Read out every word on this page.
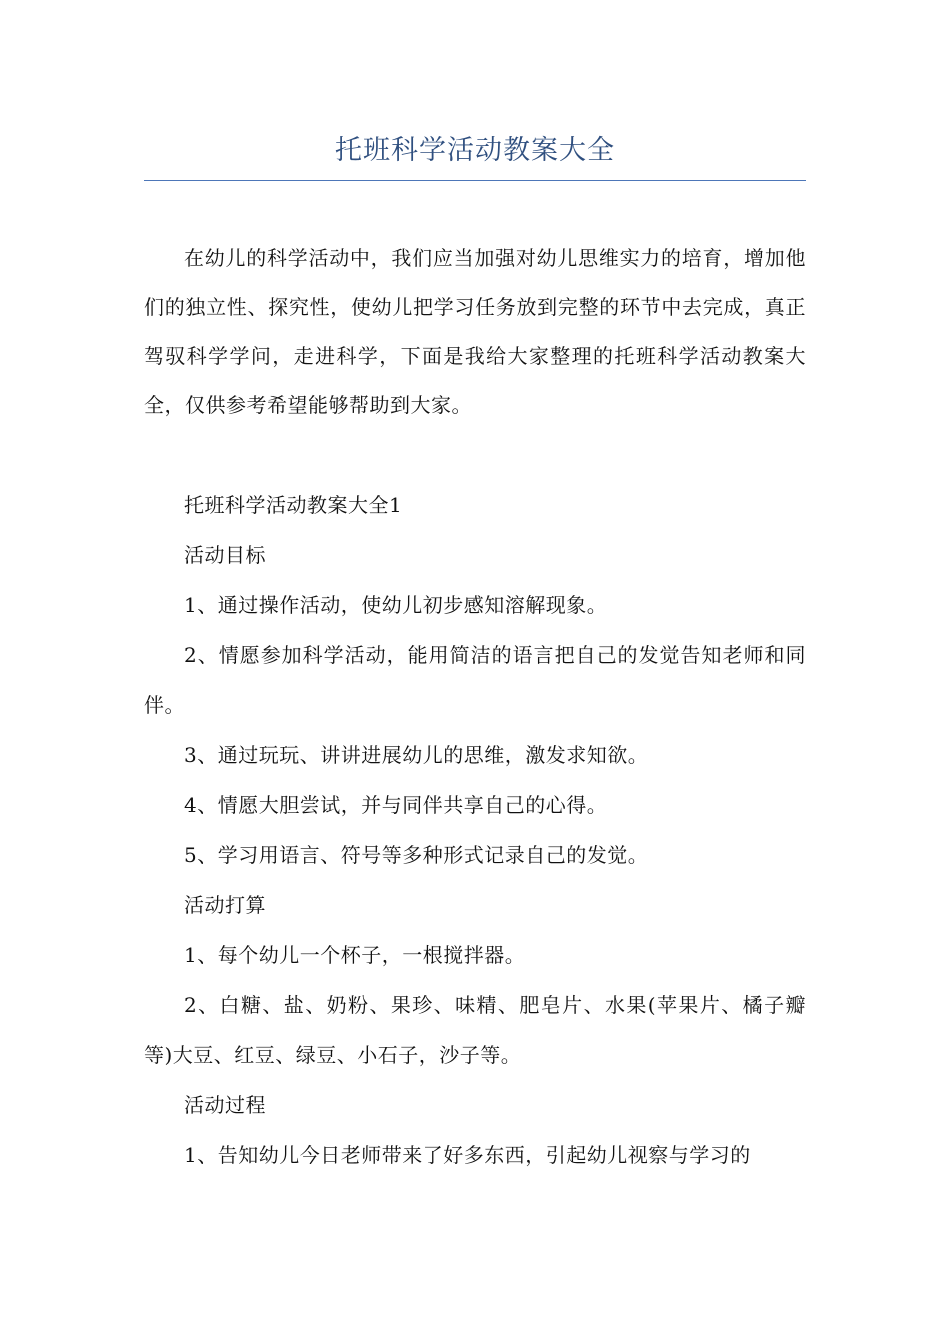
托班科学活动教案大全

在幼儿的科学活动中，我们应当加强对幼儿思维实力的培育，增加他们的独立性、探究性，使幼儿把学习任务放到完整的环节中去完成，真正驾驭科学学问，走进科学，下面是我给大家整理的托班科学活动教案大全，仅供参考希望能够帮助到大家。

托班科学活动教案大全1

活动目标

1、通过操作活动，使幼儿初步感知溶解现象。

2、情愿参加科学活动，能用简洁的语言把自己的发觉告知老师和同伴。

3、通过玩玩、讲讲进展幼儿的思维，激发求知欲。

4、情愿大胆尝试，并与同伴共享自己的心得。

5、学习用语言、符号等多种形式记录自己的发觉。

活动打算

1、每个幼儿一个杯子，一根搅拌器。

2、白糖、盐、奶粉、果珍、味精、肥皂片、水果(苹果片、橘子瓣等)大豆、红豆、绿豆、小石子，沙子等。

活动过程

1、告知幼儿今日老师带来了好多东西，引起幼儿视察与学习的
